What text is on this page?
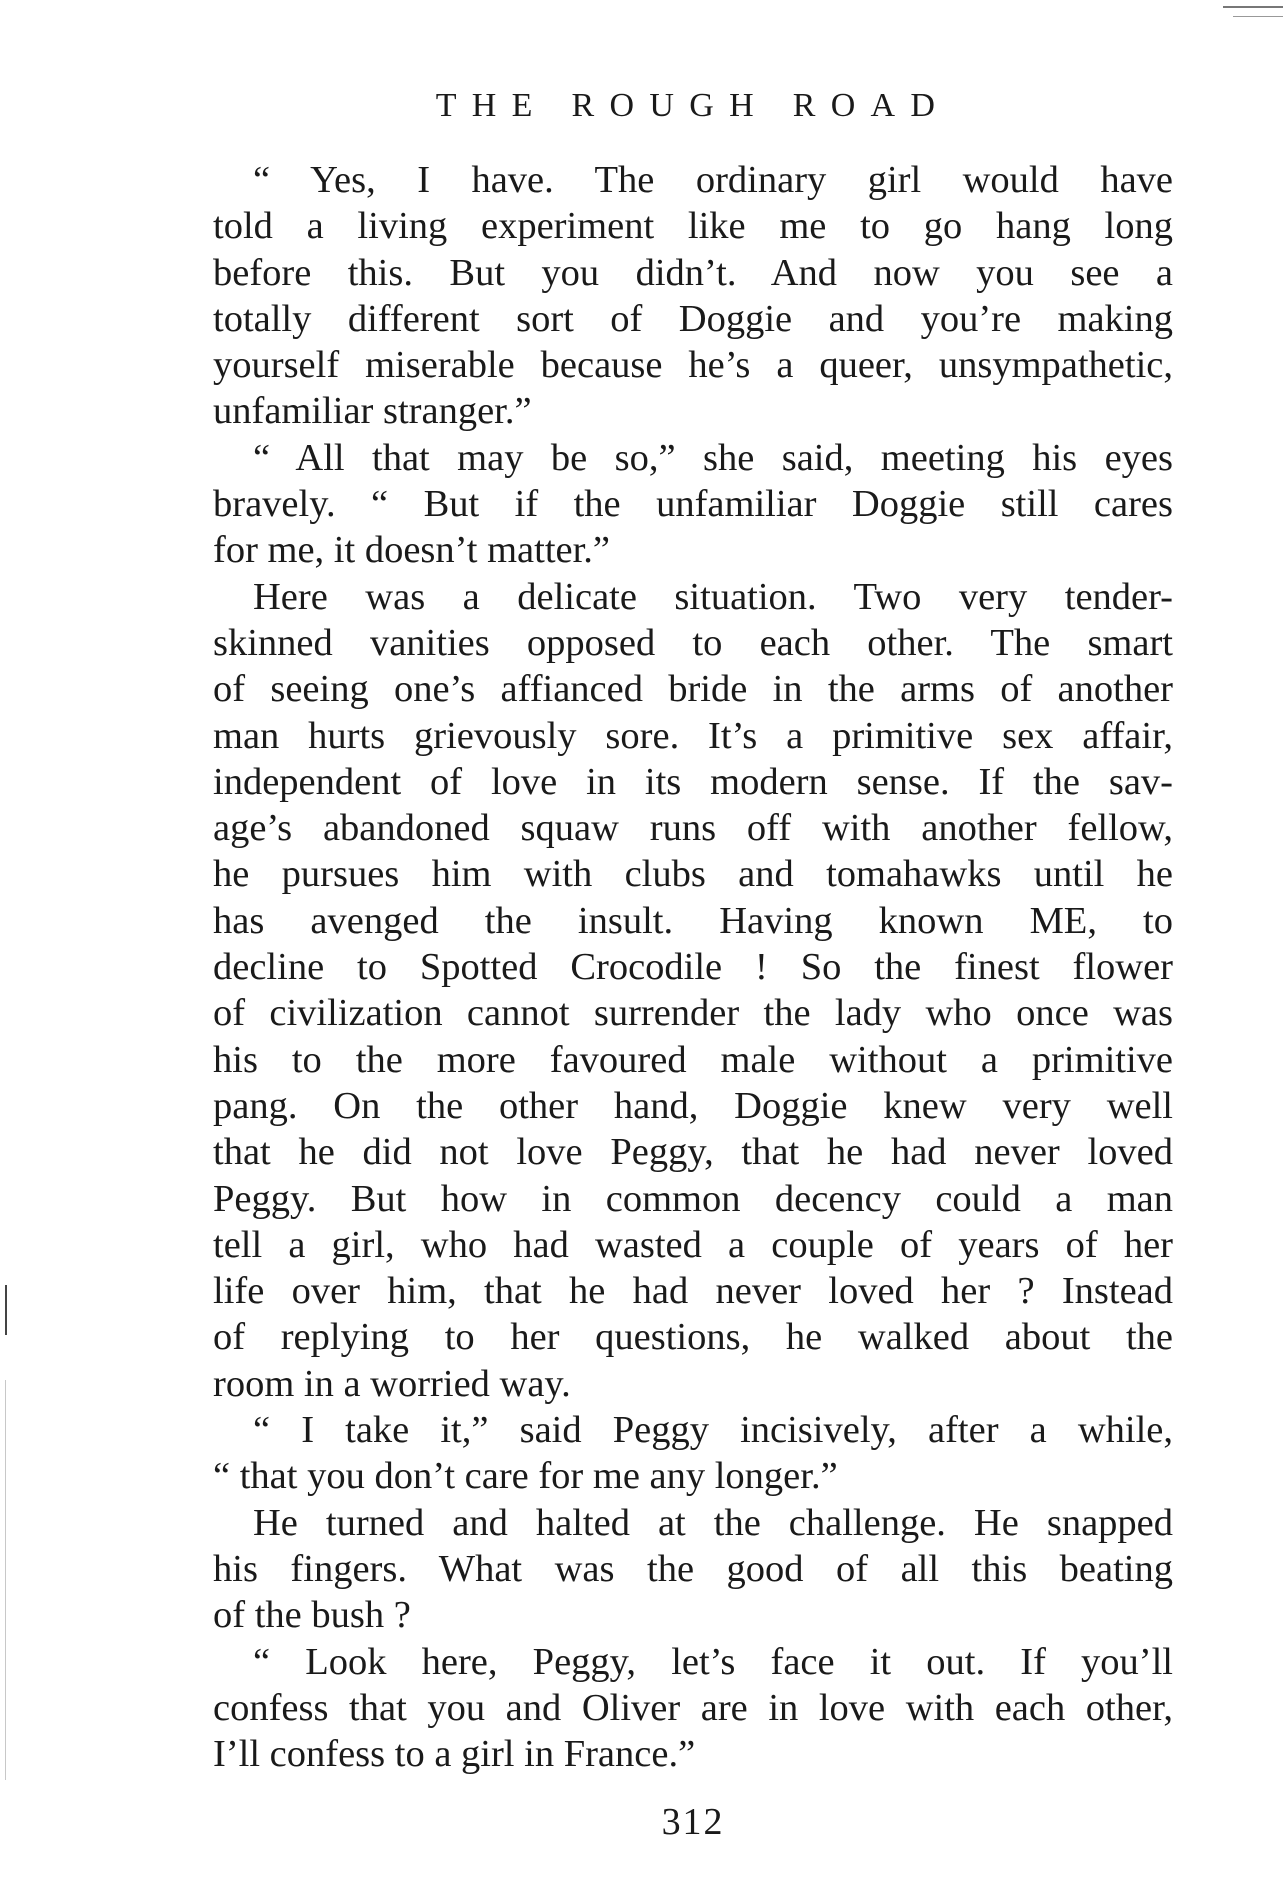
THE ROUGH ROAD
“ Yes, I have. The ordinary girl would have
told a living experiment like me to go hang long
before this. But you didn’t. And now you see a
totally different sort of Doggie and you’re making
yourself miserable because he’s a queer, unsympathetic,
unfamiliar stranger.”
“ All that may be so,” she said, meeting his eyes
bravely. “ But if the unfamiliar Doggie still cares
for me, it doesn’t matter.”
Here was a delicate situation. Two very tender-
skinned vanities opposed to each other. The smart
of seeing one’s affianced bride in the arms of another
man hurts grievously sore. It’s a primitive sex affair,
independent of love in its modern sense. If the sav-
age’s abandoned squaw runs off with another fellow,
he pursues him with clubs and tomahawks until he
has avenged the insult. Having known ME, to
decline to Spotted Crocodile ! So the finest flower
of civilization cannot surrender the lady who once was
his to the more favoured male without a primitive
pang. On the other hand, Doggie knew very well
that he did not love Peggy, that he had never loved
Peggy. But how in common decency could a man
tell a girl, who had wasted a couple of years of her
life over him, that he had never loved her ? Instead
of replying to her questions, he walked about the
room in a worried way.
“ I take it,” said Peggy incisively, after a while,
“ that you don’t care for me any longer.”
He turned and halted at the challenge. He snapped
his fingers. What was the good of all this beating
of the bush ?
“ Look here, Peggy, let’s face it out. If you’ll
confess that you and Oliver are in love with each other,
I’ll confess to a girl in France.”
312
